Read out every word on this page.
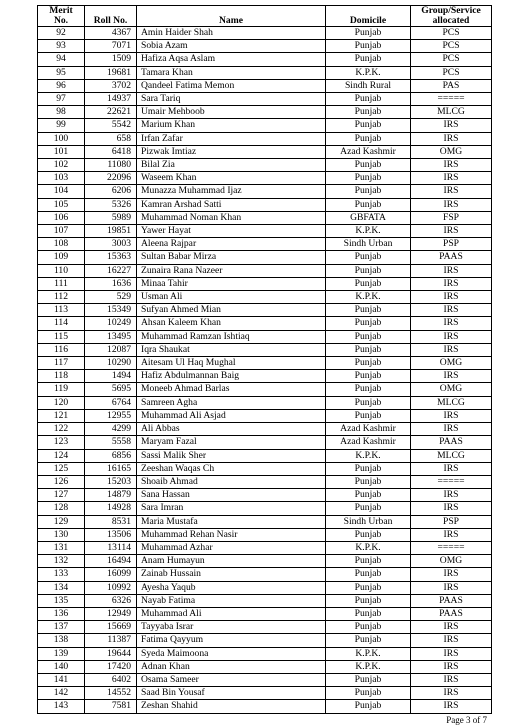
Merit
No.	Roll No.	Name	Domicile	Group/Service
allocated
92	4367	Amin Haider Shah	Punjab	PCS
93	7071	Sobia Azam	Punjab	PCS
94	1509	Hafiza Aqsa Aslam	Punjab	PCS
95	19681	Tamara Khan	K.P.K.	PCS
96	3702	Qandeel Fatima Memon	Sindh Rural	PAS
97	14937	Sara Tariq	Punjab	=====
98	22621	Umair Mehboob	Punjab	MLCG
99	5542	Marium Khan	Punjab	IRS
100	658	Irfan Zafar	Punjab	IRS
101	6418	Pizwak Imtiaz	Azad Kashmir	OMG
102	11080	Bilal Zia	Punjab	IRS
103	22096	Waseem Khan	Punjab	IRS
104	6206	Munazza Muhammad Ijaz	Punjab	IRS
105	5326	Kamran Arshad Satti	Punjab	IRS
106	5989	Muhammad Noman Khan	GBFATA	FSP
107	19851	Yawer Hayat	K.P.K.	IRS
108	3003	Aleena Rajpar	Sindh Urban	PSP
109	15363	Sultan Babar Mirza	Punjab	PAAS
110	16227	Zunaira Rana Nazeer	Punjab	IRS
111	1636	Minaa Tahir	Punjab	IRS
112	529	Usman Ali	K.P.K.	IRS
113	15349	Sufyan Ahmed Mian	Punjab	IRS
114	10249	Ahsan Kaleem Khan	Punjab	IRS
115	13495	Muhammad Ramzan Ishtiaq	Punjab	IRS
116	12087	Iqra Shaukat	Punjab	IRS
117	10290	Aitesam Ul Haq Mughal	Punjab	OMG
118	1494	Hafiz Abdulmannan Baig	Punjab	IRS
119	5695	Moneeb Ahmad Barlas	Punjab	OMG
120	6764	Samreen Agha	Punjab	MLCG
121	12955	Muhammad Ali Asjad	Punjab	IRS
122	4299	Ali Abbas	Azad Kashmir	IRS
123	5558	Maryam Fazal	Azad Kashmir	PAAS
124	6856	Sassi Malik Sher	K.P.K.	MLCG
125	16165	Zeeshan Waqas Ch	Punjab	IRS
126	15203	Shoaib Ahmad	Punjab	=====
127	14879	Sana Hassan	Punjab	IRS
128	14928	Sara Imran	Punjab	IRS
129	8531	Maria Mustafa	Sindh Urban	PSP
130	13506	Muhammad Rehan Nasir	Punjab	IRS
131	13114	Muhammad Azhar	K.P.K.	=====
132	16494	Anam Humayun	Punjab	OMG
133	16099	Zainab Hussain	Punjab	IRS
134	10992	Ayesha Yaqub	Punjab	IRS
135	6326	Nayab Fatima	Punjab	PAAS
136	12949	Muhammad Ali	Punjab	PAAS
137	15669	Tayyaba Israr	Punjab	IRS
138	11387	Fatima Qayyum	Punjab	IRS
139	19644	Syeda Maimoona	K.P.K.	IRS
140	17420	Adnan Khan	K.P.K.	IRS
141	6402	Osama Sameer	Punjab	IRS
142	14552	Saad Bin Yousaf	Punjab	IRS
143	7581	Zeshan Shahid	Punjab	IRS
Page 3 of 7
